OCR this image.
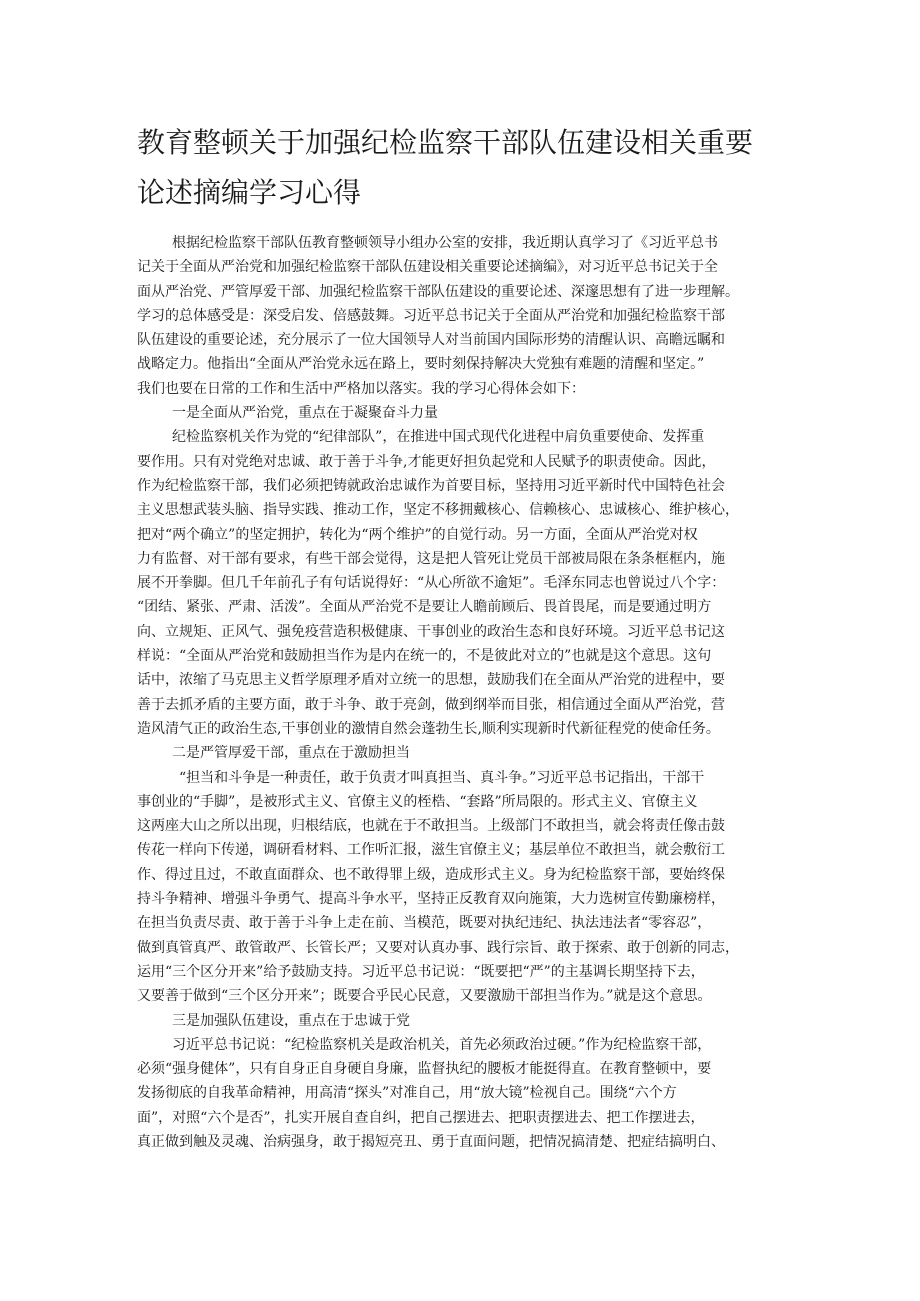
教育整顿关于加强纪检监察干部队伍建设相关重要
论述摘编学习心得
根据纪检监察干部队伍教育整顿领导小组办公室的安排，我近期认真学习了《习近平总书
记关于全面从严治党和加强纪检监察干部队伍建设相关重要论述摘编》，对习近平总书记关于全
面从严治党、严管厚爱干部、加强纪检监察干部队伍建设的重要论述、深邃思想有了进一步理解。
学习的总体感受是：深受启发、倍感鼓舞。习近平总书记关于全面从严治党和加强纪检监察干部
队伍建设的重要论述，充分展示了一位大国领导人对当前国内国际形势的清醒认识、高瞻远瞩和
战略定力。他指出“全面从严治党永远在路上，要时刻保持解决大党独有难题的清醒和坚定。”
我们也要在日常的工作和生活中严格加以落实。我的学习心得体会如下：
一是全面从严治党，重点在于凝聚奋斗力量
纪检监察机关作为党的“纪律部队”，在推进中国式现代化进程中肩负重要使命、发挥重
要作用。只有对党绝对忠诚、敢于善于斗争,才能更好担负起党和人民赋予的职责使命。因此，
作为纪检监察干部，我们必须把铸就政治忠诚作为首要目标，坚持用习近平新时代中国特色社会
主义思想武装头脑、指导实践、推动工作，坚定不移拥戴核心、信赖核心、忠诚核心、维护核心，
把对“两个确立”的坚定拥护，转化为“两个维护”的自觉行动。另一方面，全面从严治党对权
力有监督、对干部有要求，有些干部会觉得，这是把人管死让党员干部被局限在条条框框内，施
展不开拳脚。但几千年前孔子有句话说得好：“从心所欲不逾矩”。毛泽东同志也曾说过八个字：
“团结、紧张、严肃、活泼”。全面从严治党不是要让人瞻前顾后、畏首畏尾，而是要通过明方
向、立规矩、正风气、强免疫营造积极健康、干事创业的政治生态和良好环境。习近平总书记这
样说：“全面从严治党和鼓励担当作为是内在统一的，不是彼此对立的”也就是这个意思。这句
话中，浓缩了马克思主义哲学原理矛盾对立统一的思想，鼓励我们在全面从严治党的进程中，要
善于去抓矛盾的主要方面，敢于斗争、敢于亮剑，做到纲举而目张，相信通过全面从严治党，营
造风清气正的政治生态,干事创业的激情自然会蓬勃生长,顺利实现新时代新征程党的使命任务。
二是严管厚爱干部，重点在于激励担当
“担当和斗争是一种责任，敢于负责才叫真担当、真斗争。”习近平总书记指出，干部干
事创业的“手脚”，是被形式主义、官僚主义的桎梏、“套路”所局限的。形式主义、官僚主义
这两座大山之所以出现，归根结底，也就在于不敢担当。上级部门不敢担当，就会将责任像击鼓
传花一样向下传递，调研看材料、工作听汇报，滋生官僚主义；基层单位不敢担当，就会敷衍工
作、得过且过，不敢直面群众、也不敢得罪上级，造成形式主义。身为纪检监察干部，要始终保
持斗争精神、增强斗争勇气、提高斗争水平，坚持正反教育双向施策，大力选树宣传勤廉榜样，
在担当负责尽责、敢于善于斗争上走在前、当模范，既要对执纪违纪、执法违法者“零容忍”，
做到真管真严、敢管敢严、长管长严；又要对认真办事、践行宗旨、敢于探索、敢于创新的同志，
运用“三个区分开来”给予鼓励支持。习近平总书记说：“既要把“严”的主基调长期坚持下去，
又要善于做到“三个区分开来”；既要合乎民心民意，又要激励干部担当作为。”就是这个意思。
三是加强队伍建设，重点在于忠诚于党
习近平总书记说：“纪检监察机关是政治机关，首先必须政治过硬。”作为纪检监察干部，
必须“强身健体”，只有自身正自身硬自身廉，监督执纪的腰板才能挺得直。在教育整顿中，要
发扬彻底的自我革命精神，用高清“探头”对准自己，用“放大镜”检视自己。围绕“六个方
面”，对照“六个是否”，扎实开展自查自纠，把自己摆进去、把职责摆进去、把工作摆进去，
真正做到触及灵魂、治病强身，敢于揭短亮丑、勇于直面问题，把情况搞清楚、把症结搞明白、
